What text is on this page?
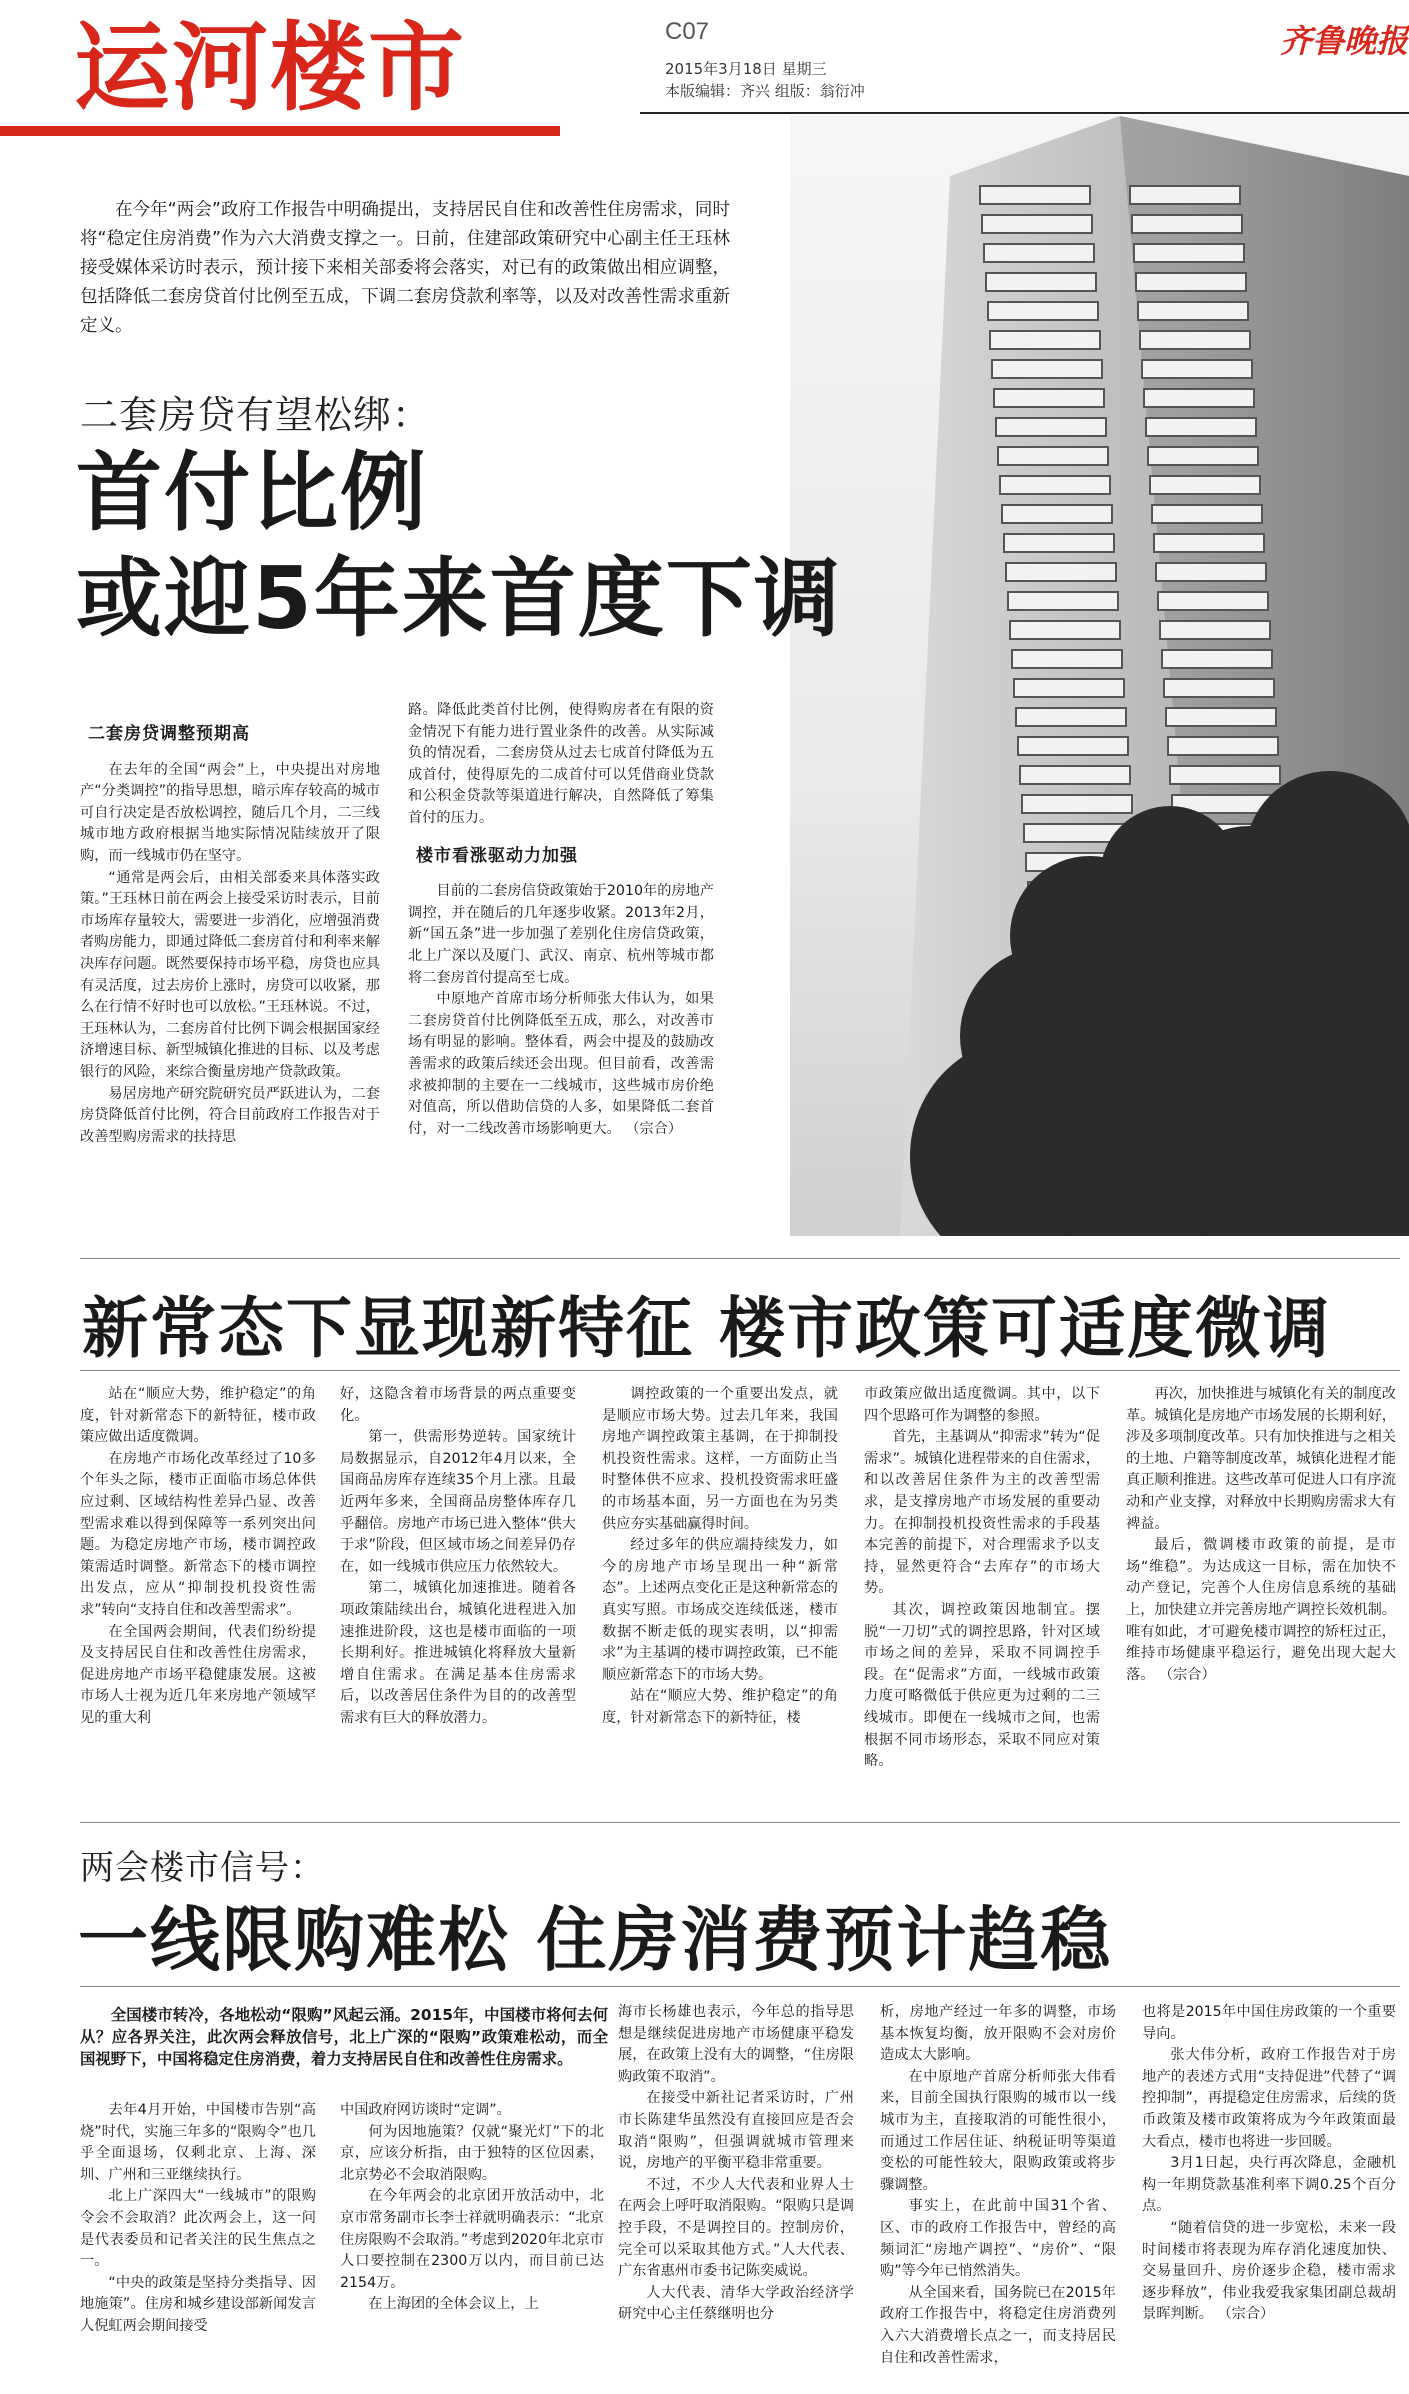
运河楼市	C07
2015年3月18日 星期三
本版编辑：齐兴 组版：翁衍冲
齐鲁晚报
在今年“两会”政府工作报告中明确提出，支持居民自住和改善性住房需求，同时将“稳定住房消费”作为六大消费支撑之一。日前，住建部政策研究中心副主任王珏林接受媒体采访时表示，预计接下来相关部委将会落实，对已有的政策做出相应调整，包括降低二套房贷首付比例至五成，下调二套房贷款利率等，以及对改善性需求重新定义。
二套房贷有望松绑：
首付比例
或迎5年来首度下调
二套房贷调整预期高

在去年的全国“两会”上，中央提出对房地产“分类调控”的指导思想，暗示库存较高的城市可自行决定是否放松调控，随后几个月，二三线城市地方政府根据当地实际情况陆续放开了限购，而一线城市仍在坚守。

“通常是两会后，由相关部委来具体落实政策。”王珏林日前在两会上接受采访时表示，目前市场库存量较大，需要进一步消化，应增强消费者购房能力，即通过降低二套房首付和利率来解决库存问题。既然要保持市场平稳，房贷也应具有灵活度，过去房价上涨时，房贷可以收紧，那么在行情不好时也可以放松。”王珏林说。不过，王珏林认为，二套房首付比例下调会根据国家经济增速目标、新型城镇化推进的目标、以及考虑银行的风险，来综合衡量房地产贷款政策。

易居房地产研究院研究员严跃进认为，二套房贷降低首付比例，符合目前政府工作报告对于改善型购房需求的扶持思

路。降低此类首付比例，使得购房者在有限的资金情况下有能力进行置业条件的改善。从实际减负的情况看，二套房贷从过去七成首付降低为五成首付，使得原先的二成首付可以凭借商业贷款和公积金贷款等渠道进行解决，自然降低了筹集首付的压力。

楼市看涨驱动力加强

目前的二套房信贷政策始于2010年的房地产调控，并在随后的几年逐步收紧。2013年2月，新“国五条”进一步加强了差别化住房信贷政策，北上广深以及厦门、武汉、南京、杭州等城市都将二套房首付提高至七成。

中原地产首席市场分析师张大伟认为，如果二套房贷首付比例降低至五成，那么，对改善市场有明显的影响。整体看，两会中提及的鼓励改善需求的政策后续还会出现。但目前看，改善需求被抑制的主要在一二线城市，这些城市房价绝对值高，所以借助信贷的人多，如果降低二套首付，对一二线改善市场影响更大。 （宗合）

新常态下显现新特征 楼市政策可适度微调

站在“顺应大势，维护稳定”的角度，针对新常态下的新特征，楼市政策应做出适度微调。

在房地产市场化改革经过了10多个年头之际，楼市正面临市场总体供应过剩、区域结构性差异凸显、改善型需求难以得到保障等一系列突出问题。为稳定房地产市场，楼市调控政策需适时调整。新常态下的楼市调控出发点，应从“抑制投机投资性需求”转向“支持自住和改善型需求”。

在全国两会期间，代表们纷纷提及支持居民自住和改善性住房需求，促进房地产市场平稳健康发展。这被市场人士视为近几年来房地产领域罕见的重大利

好，这隐含着市场背景的两点重要变化。

第一，供需形势逆转。国家统计局数据显示，自2012年4月以来，全国商品房库存连续35个月上涨。且最近两年多来，全国商品房整体库存几乎翻倍。房地产市场已进入整体“供大于求”阶段，但区域市场之间差异仍存在，如一线城市供应压力依然较大。

第二，城镇化加速推进。随着各项政策陆续出台，城镇化进程进入加速推进阶段，这也是楼市面临的一项长期利好。推进城镇化将释放大量新增自住需求。在满足基本住房需求后，以改善居住条件为目的的改善型需求有巨大的释放潜力。

调控政策的一个重要出发点，就是顺应市场大势。过去几年来，我国房地产调控政策主基调，在于抑制投机投资性需求。这样，一方面防止当时整体供不应求、投机投资需求旺盛的市场基本面，另一方面也在为另类供应夯实基础赢得时间。

经过多年的供应端持续发力，如今的房地产市场呈现出一种“新常态”。上述两点变化正是这种新常态的真实写照。市场成交连续低迷，楼市数据不断走低的现实表明，以“抑需求”为主基调的楼市调控政策，已不能顺应新常态下的市场大势。

站在“顺应大势、维护稳定”的角度，针对新常态下的新特征，楼

市政策应做出适度微调。其中，以下四个思路可作为调整的参照。

首先，主基调从“抑需求”转为“促需求”。城镇化进程带来的自住需求，和以改善居住条件为主的改善型需求，是支撑房地产市场发展的重要动力。在抑制投机投资性需求的手段基本完善的前提下，对合理需求予以支持，显然更符合“去库存”的市场大势。

其次，调控政策因地制宜。摆脱“一刀切”式的调控思路，针对区域市场之间的差异，采取不同调控手段。在“促需求”方面，一线城市政策力度可略微低于供应更为过剩的二三线城市。即便在一线城市之间，也需根据不同市场形态，采取不同应对策略。

再次，加快推进与城镇化有关的制度改革。城镇化是房地产市场发展的长期利好，涉及多项制度改革。只有加快推进与之相关的土地、户籍等制度改革，城镇化进程才能真正顺利推进。这些改革可促进人口有序流动和产业支撑，对释放中长期购房需求大有裨益。

最后，微调楼市政策的前提，是市场“维稳”。为达成这一目标，需在加快不动产登记，完善个人住房信息系统的基础上，加快建立并完善房地产调控长效机制。唯有如此，才可避免楼市调控的矫枉过正，维持市场健康平稳运行，避免出现大起大落。 （宗合）

两会楼市信号：
一线限购难松 住房消费预计趋稳
全国楼市转冷，各地松动“限购”风起云涌。2015年，中国楼市将何去何从？应各界关注，此次两会释放信号，北上广深的“限购”政策难松动，而全国视野下，中国将稳定住房消费，着力支持居民自住和改善性住房需求。

去年4月开始，中国楼市告别“高烧”时代，实施三年多的“限购令”也几乎全面退场，仅剩北京、上海、深圳、广州和三亚继续执行。

北上广深四大“一线城市”的限购令会不会取消？此次两会上，这一问是代表委员和记者关注的民生焦点之一。

“中央的政策是坚持分类指导、因地施策”。住房和城乡建设部新闻发言人倪虹两会期间接受

中国政府网访谈时“定调”。

何为因地施策？仅就“聚光灯”下的北京，应该分析指，由于独特的区位因素，北京势必不会取消限购。

在今年两会的北京团开放活动中，北京市常务副市长李士祥就明确表示：“北京住房限购不会取消。”考虑到2020年北京市人口要控制在2300万以内，而目前已达2154万。

在上海团的全体会议上，上

海市长杨雄也表示，今年总的指导思想是继续促进房地产市场健康平稳发展，在政策上没有大的调整，“住房限购政策不取消”。

在接受中新社记者采访时，广州市长陈建华虽然没有直接回应是否会取消“限购”，但强调就城市管理来说，房地产的平衡平稳非常重要。

不过，不少人大代表和业界人士在两会上呼吁取消限购。“限购只是调控手段，不是调控目的。控制房价，完全可以采取其他方式。”人大代表、广东省惠州市委书记陈奕威说。

人大代表、清华大学政治经济学研究中心主任蔡继明也分

析，房地产经过一年多的调整，市场基本恢复均衡，放开限购不会对房价造成太大影响。

在中原地产首席分析师张大伟看来，目前全国执行限购的城市以一线城市为主，直接取消的可能性很小，而通过工作居住证、纳税证明等渠道变松的可能性较大，限购政策或将步骤调整。

事实上，在此前中国31个省、区、市的政府工作报告中，曾经的高频词汇“房地产调控”、“房价”、“限购”等今年已悄然消失。

从全国来看，国务院已在2015年政府工作报告中，将稳定住房消费列入六大消费增长点之一，而支持居民自住和改善性需求，

也将是2015年中国住房政策的一个重要导向。

张大伟分析，政府工作报告对于房地产的表述方式用“支持促进”代替了“调控抑制”，再提稳定住房需求，后续的货币政策及楼市政策将成为今年政策面最大看点，楼市也将进一步回暖。

3月1日起，央行再次降息，金融机构一年期贷款基准利率下调0.25个百分点。

“随着信贷的进一步宽松，未来一段时间楼市将表现为库存消化速度加快、交易量回升、房价逐步企稳，楼市需求逐步释放”，伟业我爱我家集团副总裁胡景晖判断。 （宗合）
